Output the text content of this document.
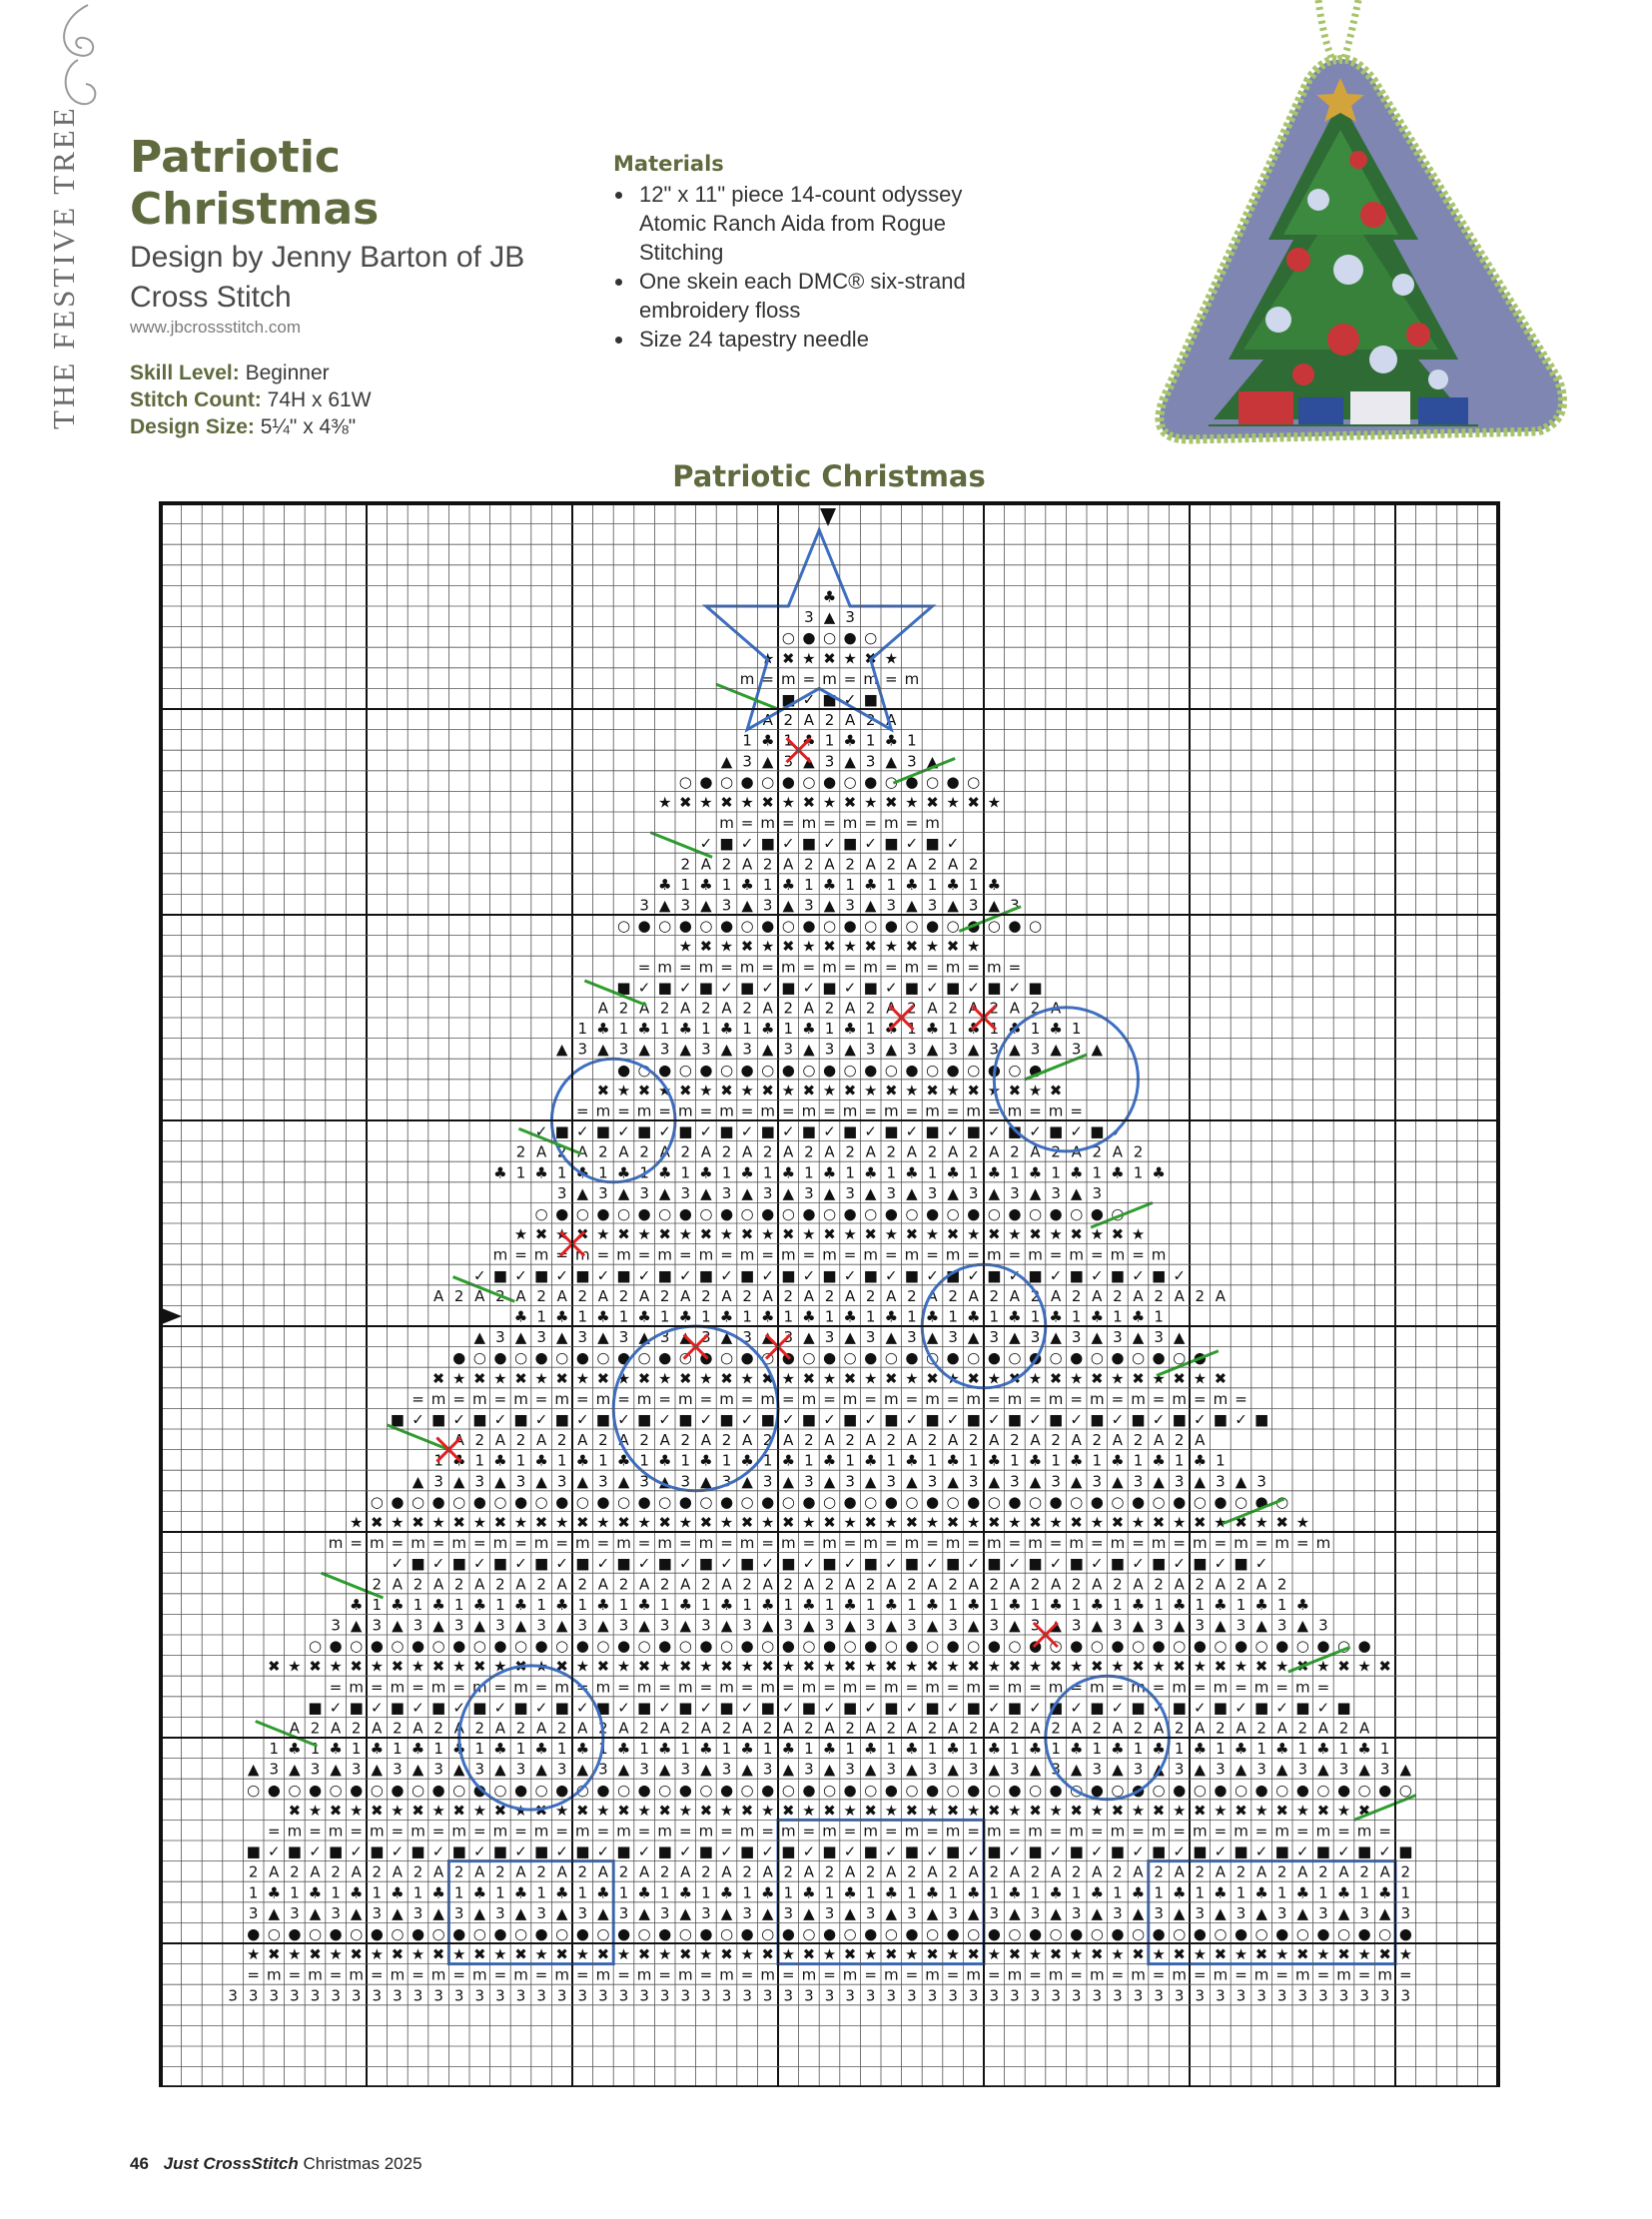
THE FESTIVE TREE Patriotic Christmas

Design by Jenny Barton of JB Cross Stitch

www.jbcrossstitch.com
Skill Level: Beginner
Stitch Count: 74H x 61W
Design Size: 5¼" x 4⅜"
Materials
• 12" x 11" piece 14-count odyssey Atomic Ranch Aida from Rogue Stitching
• One skein each DMC® six-strand embroidery floss
• Size 24 tapestry needle
Patriotic Christmas
♣
3 ▲ 3
○ ● ○ ● ○
★ ✖ ★ ✖ ★ ✖ ★
m = m = m = m = m
■ ✓ ■ ✓ ■
A 2 A 2 A 2 A
1 ♣ 1 ♣ 1 ♣ 1 ♣ 1
▲ 3 ▲ 3 ▲ 3 ▲ 3 ▲ 3 ▲
○ ● ○ ● ○ ● ○ ● ○ ● ○ ● ○ ● ○
★ ✖ ★ ✖ ★ ✖ ★ ✖ ★ ✖ ★ ✖ ★ ✖ ★ ✖ ★
m = m = m = m = m = m
✓ ■ ✓ ■ ✓ ■ ✓ ■ ✓ ■ ✓ ■ ✓
2 A 2 A 2 A 2 A 2 A 2 A 2 A 2
♣ 1 ♣ 1 ♣ 1 ♣ 1 ♣ 1 ♣ 1 ♣ 1 ♣ 1 ♣
3 ▲ 3 ▲ 3 ▲ 3 ▲ 3 ▲ 3 ▲ 3 ▲ 3 ▲ 3 ▲ 3
○ ● ○ ● ○ ● ○ ● ○ ● ○ ● ○ ● ○ ● ○ ● ○ ● ○
★ ✖ ★ ✖ ★ ✖ ★ ✖ ★ ✖ ★ ✖ ★ ✖ ★
= m = m = m = m = m = m = m = m = m =
■ ✓ ■ ✓ ■ ✓ ■ ✓ ■ ✓ ■ ✓ ■ ✓ ■ ✓ ■ ✓ ■ ✓ ■
A 2 A 2 A 2 A 2 A 2 A 2 A 2 A 2 A 2 A 2 A 2 A
1 ♣ 1 ♣ 1 ♣ 1 ♣ 1 ♣ 1 ♣ 1 ♣ 1 ♣ 1 ♣ 1 ♣ 1 ♣ 1 ♣ 1
▲ 3 ▲ 3 ▲ 3 ▲ 3 ▲ 3 ▲ 3 ▲ 3 ▲ 3 ▲ 3 ▲ 3 ▲ 3 ▲ 3 ▲ 3 ▲
● ○ ● ○ ● ○ ● ○ ● ○ ● ○ ● ○ ● ○ ● ○ ● ○ ●
✖ ★ ✖ ★ ✖ ★ ✖ ★ ✖ ★ ✖ ★ ✖ ★ ✖ ★ ✖ ★ ✖ ★ ✖ ★ ✖
= m = m = m = m = m = m = m = m = m = m = m = m =
✓ ■ ✓ ■ ✓ ■ ✓ ■ ✓ ■ ✓ ■ ✓ ■ ✓ ■ ✓ ■ ✓ ■ ✓ ■ ✓ ■ ✓ ■ ✓ ■ ✓
2 A 2 A 2 A 2 A 2 A 2 A 2 A 2 A 2 A 2 A 2 A 2 A 2 A 2 A 2 A 2
♣ 1 ♣ 1 ♣ 1 ♣ 1 ♣ 1 ♣ 1 ♣ 1 ♣ 1 ♣ 1 ♣ 1 ♣ 1 ♣ 1 ♣ 1 ♣ 1 ♣ 1 ♣ 1 ♣
3 ▲ 3 ▲ 3 ▲ 3 ▲ 3 ▲ 3 ▲ 3 ▲ 3 ▲ 3 ▲ 3 ▲ 3 ▲ 3 ▲ 3 ▲ 3
○ ● ○ ● ○ ● ○ ● ○ ● ○ ● ○ ● ○ ● ○ ● ○ ● ○ ● ○ ● ○ ● ○ ● ○
★ ✖ ★ ✖ ★ ✖ ★ ✖ ★ ✖ ★ ✖ ★ ✖ ★ ✖ ★ ✖ ★ ✖ ★ ✖ ★ ✖ ★ ✖ ★ ✖ ★ ✖ ★
m = m = m = m = m = m = m = m = m = m = m = m = m = m = m = m = m
✓ ■ ✓ ■ ✓ ■ ✓ ■ ✓ ■ ✓ ■ ✓ ■ ✓ ■ ✓ ■ ✓ ■ ✓ ■ ✓ ■ ✓ ■ ✓ ■ ✓ ■ ✓ ■ ✓ ■ ✓
A 2 A 2 A 2 A 2 A 2 A 2 A 2 A 2 A 2 A 2 A 2 A 2 A 2 A 2 A 2 A 2 A 2 A 2 A 2 A
♣ 1 ♣ 1 ♣ 1 ♣ 1 ♣ 1 ♣ 1 ♣ 1 ♣ 1 ♣ 1 ♣ 1 ♣ 1 ♣ 1 ♣ 1 ♣ 1 ♣ 1 ♣ 1
▲ 3 ▲ 3 ▲ 3 ▲ 3 ▲ 3 ▲ 3 ▲ 3 ▲ 3 ▲ 3 ▲ 3 ▲ 3 ▲ 3 ▲ 3 ▲ 3 ▲ 3 ▲ 3 ▲ 3 ▲
● ○ ● ○ ● ○ ● ○ ● ○ ● ○ ● ○ ● ○ ● ○ ● ○ ● ○ ● ○ ● ○ ● ○ ● ○ ● ○ ● ○ ● ○ ●
✖ ★ ✖ ★ ✖ ★ ✖ ★ ✖ ★ ✖ ★ ✖ ★ ✖ ★ ✖ ★ ✖ ★ ✖ ★ ✖ ★ ✖ ★ ✖ ★ ✖ ★ ✖ ★ ✖ ★ ✖ ★ ✖ ★ ✖
= m = m = m = m = m = m = m = m = m = m = m = m = m = m = m = m = m = m = m = m =
■ ✓ ■ ✓ ■ ✓ ■ ✓ ■ ✓ ■ ✓ ■ ✓ ■ ✓ ■ ✓ ■ ✓ ■ ✓ ■ ✓ ■ ✓ ■ ✓ ■ ✓ ■ ✓ ■ ✓ ■ ✓ ■ ✓ ■ ✓ ■ ✓ ■
A 2 A 2 A 2 A 2 A 2 A 2 A 2 A 2 A 2 A 2 A 2 A 2 A 2 A 2 A 2 A 2 A 2 A 2 A
1 ♣ 1 ♣ 1 ♣ 1 ♣ 1 ♣ 1 ♣ 1 ♣ 1 ♣ 1 ♣ 1 ♣ 1 ♣ 1 ♣ 1 ♣ 1 ♣ 1 ♣ 1 ♣ 1 ♣ 1 ♣ 1 ♣ 1
▲ 3 ▲ 3 ▲ 3 ▲ 3 ▲ 3 ▲ 3 ▲ 3 ▲ 3 ▲ 3 ▲ 3 ▲ 3 ▲ 3 ▲ 3 ▲ 3 ▲ 3 ▲ 3 ▲ 3 ▲ 3 ▲ 3 ▲ 3 ▲ 3
○ ● ○ ● ○ ● ○ ● ○ ● ○ ● ○ ● ○ ● ○ ● ○ ● ○ ● ○ ● ○ ● ○ ● ○ ● ○ ● ○ ● ○ ● ○ ● ○ ● ○ ● ○ ● ○
★ ✖ ★ ✖ ★ ✖ ★ ✖ ★ ✖ ★ ✖ ★ ✖ ★ ✖ ★ ✖ ★ ✖ ★ ✖ ★ ✖ ★ ✖ ★ ✖ ★ ✖ ★ ✖ ★ ✖ ★ ✖ ★ ✖ ★ ✖ ★ ✖ ★ ✖ ★ ✖ ★
m = m = m = m = m = m = m = m = m = m = m = m = m = m = m = m = m = m = m = m = m = m = m = m = m
✓ ■ ✓ ■ ✓ ■ ✓ ■ ✓ ■ ✓ ■ ✓ ■ ✓ ■ ✓ ■ ✓ ■ ✓ ■ ✓ ■ ✓ ■ ✓ ■ ✓ ■ ✓ ■ ✓ ■ ✓ ■ ✓ ■ ✓ ■ ✓ ■ ✓
2 A 2 A 2 A 2 A 2 A 2 A 2 A 2 A 2 A 2 A 2 A 2 A 2 A 2 A 2 A 2 A 2 A 2 A 2 A 2 A 2 A 2 A 2
♣ 1 ♣ 1 ♣ 1 ♣ 1 ♣ 1 ♣ 1 ♣ 1 ♣ 1 ♣ 1 ♣ 1 ♣ 1 ♣ 1 ♣ 1 ♣ 1 ♣ 1 ♣ 1 ♣ 1 ♣ 1 ♣ 1 ♣ 1 ♣ 1 ♣ 1 ♣ 1 ♣
3 ▲ 3 ▲ 3 ▲ 3 ▲ 3 ▲ 3 ▲ 3 ▲ 3 ▲ 3 ▲ 3 ▲ 3 ▲ 3 ▲ 3 ▲ 3 ▲ 3 ▲ 3 ▲ 3 ▲ 3 ▲ 3 ▲ 3 ▲ 3 ▲ 3 ▲ 3 ▲ 3 ▲ 3
○ ● ○ ● ○ ● ○ ● ○ ● ○ ● ○ ● ○ ● ○ ● ○ ● ○ ● ○ ● ○ ● ○ ● ○ ● ○ ● ○ ● ○ ● ○ ● ○ ● ○ ● ○ ● ○ ● ○ ● ○ ● ○ ●
✖ ★ ✖ ★ ✖ ★ ✖ ★ ✖ ★ ✖ ★ ✖ ★ ✖ ★ ✖ ★ ✖ ★ ✖ ★ ✖ ★ ✖ ★ ✖ ★ ✖ ★ ✖ ★ ✖ ★ ✖ ★ ✖ ★ ✖ ★ ✖ ★ ✖ ★ ✖ ★ ✖ ★ ✖ ★ ✖ ★ ✖ ★ ✖
= m = m = m = m = m = m = m = m = m = m = m = m = m = m = m = m = m = m = m = m = m = m = m = m =
■ ✓ ■ ✓ ■ ✓ ■ ✓ ■ ✓ ■ ✓ ■ ✓ ■ ✓ ■ ✓ ■ ✓ ■ ✓ ■ ✓ ■ ✓ ■ ✓ ■ ✓ ■ ✓ ■ ✓ ■ ✓ ■ ✓ ■ ✓ ■ ✓ ■ ✓ ■ ✓ ■ ✓ ■ ✓ ■
A 2 A 2 A 2 A 2 A 2 A 2 A 2 A 2 A 2 A 2 A 2 A 2 A 2 A 2 A 2 A 2 A 2 A 2 A 2 A 2 A 2 A 2 A 2 A 2 A 2 A 2 A
1 ♣ 1 ♣ 1 ♣ 1 ♣ 1 ♣ 1 ♣ 1 ♣ 1 ♣ 1 ♣ 1 ♣ 1 ♣ 1 ♣ 1 ♣ 1 ♣ 1 ♣ 1 ♣ 1 ♣ 1 ♣ 1 ♣ 1 ♣ 1 ♣ 1 ♣ 1 ♣ 1 ♣ 1 ♣ 1 ♣ 1 ♣ 1
▲ 3 ▲ 3 ▲ 3 ▲ 3 ▲ 3 ▲ 3 ▲ 3 ▲ 3 ▲ 3 ▲ 3 ▲ 3 ▲ 3 ▲ 3 ▲ 3 ▲ 3 ▲ 3 ▲ 3 ▲ 3 ▲ 3 ▲ 3 ▲ 3 ▲ 3 ▲ 3 ▲ 3 ▲ 3 ▲ 3 ▲ 3 ▲ 3 ▲
○ ● ○ ● ○ ● ○ ● ○ ● ○ ● ○ ● ○ ● ○ ● ○ ● ○ ● ○ ● ○ ● ○ ● ○ ● ○ ● ○ ● ○ ● ○ ● ○ ● ○ ● ○ ● ○ ● ○ ● ○ ● ○ ● ○ ● ○ ● ○
✖ ★ ✖ ★ ✖ ★ ✖ ★ ✖ ★ ✖ ★ ✖ ★ ✖ ★ ✖ ★ ✖ ★ ✖ ★ ✖ ★ ✖ ★ ✖ ★ ✖ ★ ✖ ★ ✖ ★ ✖ ★ ✖ ★ ✖ ★ ✖ ★ ✖ ★ ✖ ★ ✖ ★ ✖ ★ ✖ ★ ✖
= m = m = m = m = m = m = m = m = m = m = m = m = m = m = m = m = m = m = m = m = m = m = m = m = m = m = m =
■ ✓ ■ ✓ ■ ✓ ■ ✓ ■ ✓ ■ ✓ ■ ✓ ■ ✓ ■ ✓ ■ ✓ ■ ✓ ■ ✓ ■ ✓ ■ ✓ ■ ✓ ■ ✓ ■ ✓ ■ ✓ ■ ✓ ■ ✓ ■ ✓ ■ ✓ ■ ✓ ■ ✓ ■ ✓ ■ ✓ ■ ✓ ■ ✓ ■
2 A 2 A 2 A 2 A 2 A 2 A 2 A 2 A 2 A 2 A 2 A 2 A 2 A 2 A 2 A 2 A 2 A 2 A 2 A 2 A 2 A 2 A 2 A 2 A 2 A 2 A 2 A 2 A 2
1 ♣ 1 ♣ 1 ♣ 1 ♣ 1 ♣ 1 ♣ 1 ♣ 1 ♣ 1 ♣ 1 ♣ 1 ♣ 1 ♣ 1 ♣ 1 ♣ 1 ♣ 1 ♣ 1 ♣ 1 ♣ 1 ♣ 1 ♣ 1 ♣ 1 ♣ 1 ♣ 1 ♣ 1 ♣ 1 ♣ 1 ♣ 1 ♣ 1
3 ▲ 3 ▲ 3 ▲ 3 ▲ 3 ▲ 3 ▲ 3 ▲ 3 ▲ 3 ▲ 3 ▲ 3 ▲ 3 ▲ 3 ▲ 3 ▲ 3 ▲ 3 ▲ 3 ▲ 3 ▲ 3 ▲ 3 ▲ 3 ▲ 3 ▲ 3 ▲ 3 ▲ 3 ▲ 3 ▲ 3 ▲ 3 ▲ 3
● ○ ● ○ ● ○ ● ○ ● ○ ● ○ ● ○ ● ○ ● ○ ● ○ ● ○ ● ○ ● ○ ● ○ ● ○ ● ○ ● ○ ● ○ ● ○ ● ○ ● ○ ● ○ ● ○ ● ○ ● ○ ● ○ ● ○ ● ○ ●
★ ✖ ★ ✖ ★ ✖ ★ ✖ ★ ✖ ★ ✖ ★ ✖ ★ ✖ ★ ✖ ★ ✖ ★ ✖ ★ ✖ ★ ✖ ★ ✖ ★ ✖ ★ ✖ ★ ✖ ★ ✖ ★ ✖ ★ ✖ ★ ✖ ★ ✖ ★ ✖ ★ ✖ ★ ✖ ★ ✖ ★ ✖ ★ ✖ ★
= m = m = m = m = m = m = m = m = m = m = m = m = m = m = m = m = m = m = m = m = m = m = m = m = m = m = m = m =
3 3 3 3 3 3 3 3 3 3 3 3 3 3 3 3 3 3 3 3 3 3 3 3 3 3 3 3 3 3 3 3 3 3 3 3 3 3 3 3 3 3 3 3 3 3 3 3 3 3 3 3 3 3 3 3 3 3
46 Just CrossStitch Christmas 2025
